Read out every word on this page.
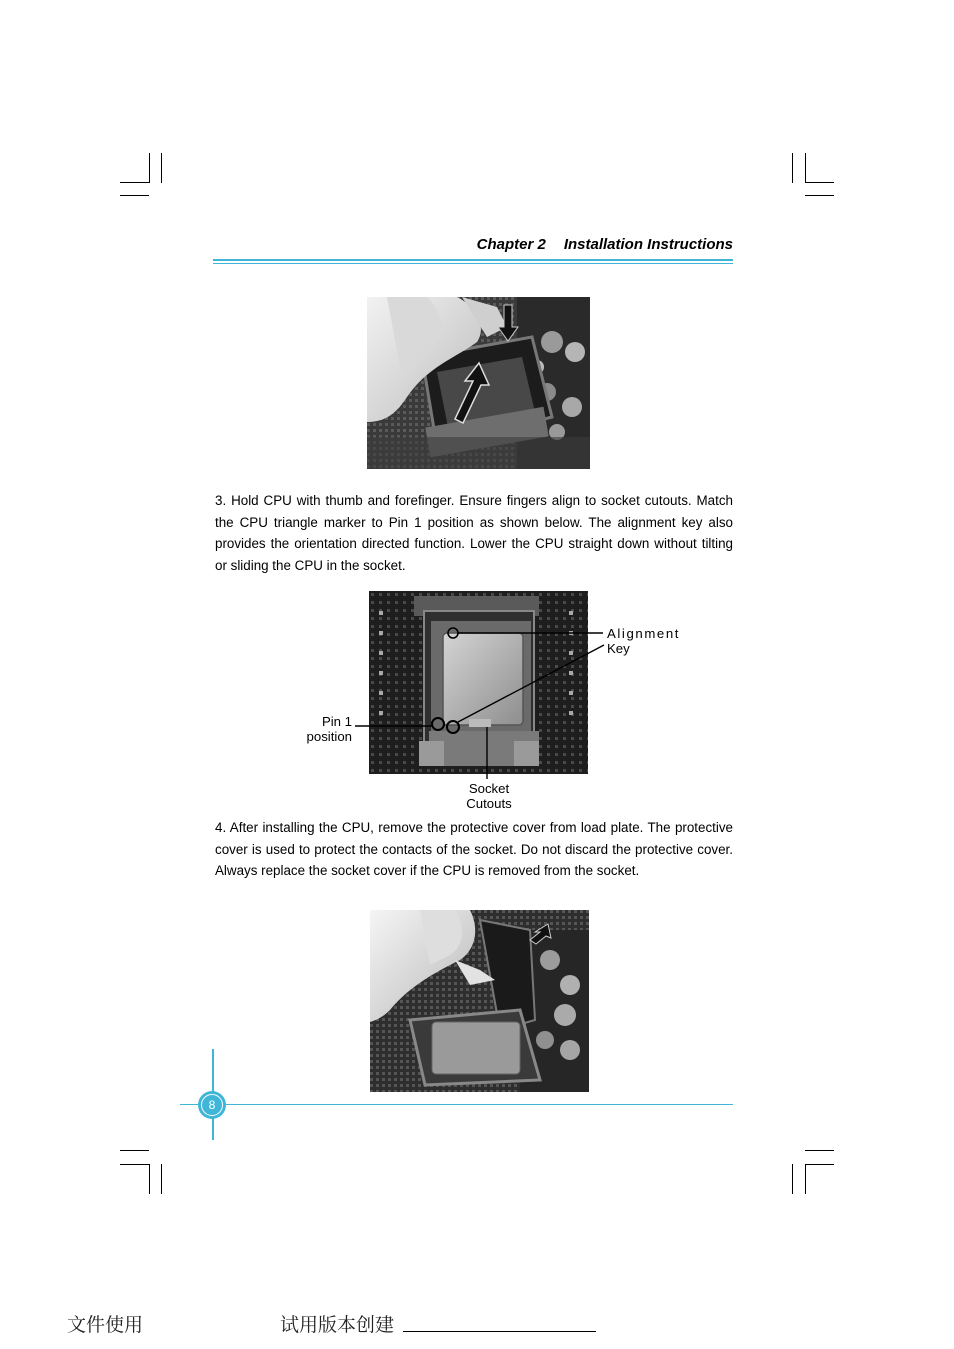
Chapter 2 Installation Instructions
3. Hold CPU with thumb and forefinger. Ensure fingers align to socket cutouts. Match the CPU triangle marker to Pin 1 position as shown below. The alignment key also provides the orientation directed function. Lower the CPU straight down without tilting or sliding the CPU in the socket.
Alignment
Key
Pin 1
position
Socket
Cutouts
4. After installing the CPU, remove the protective cover from load plate. The protective cover is used to protect the contacts of the socket. Do not discard the protective cover. Always replace the socket cover if the CPU is removed from the socket.
8
文件使用	试用版本创建
